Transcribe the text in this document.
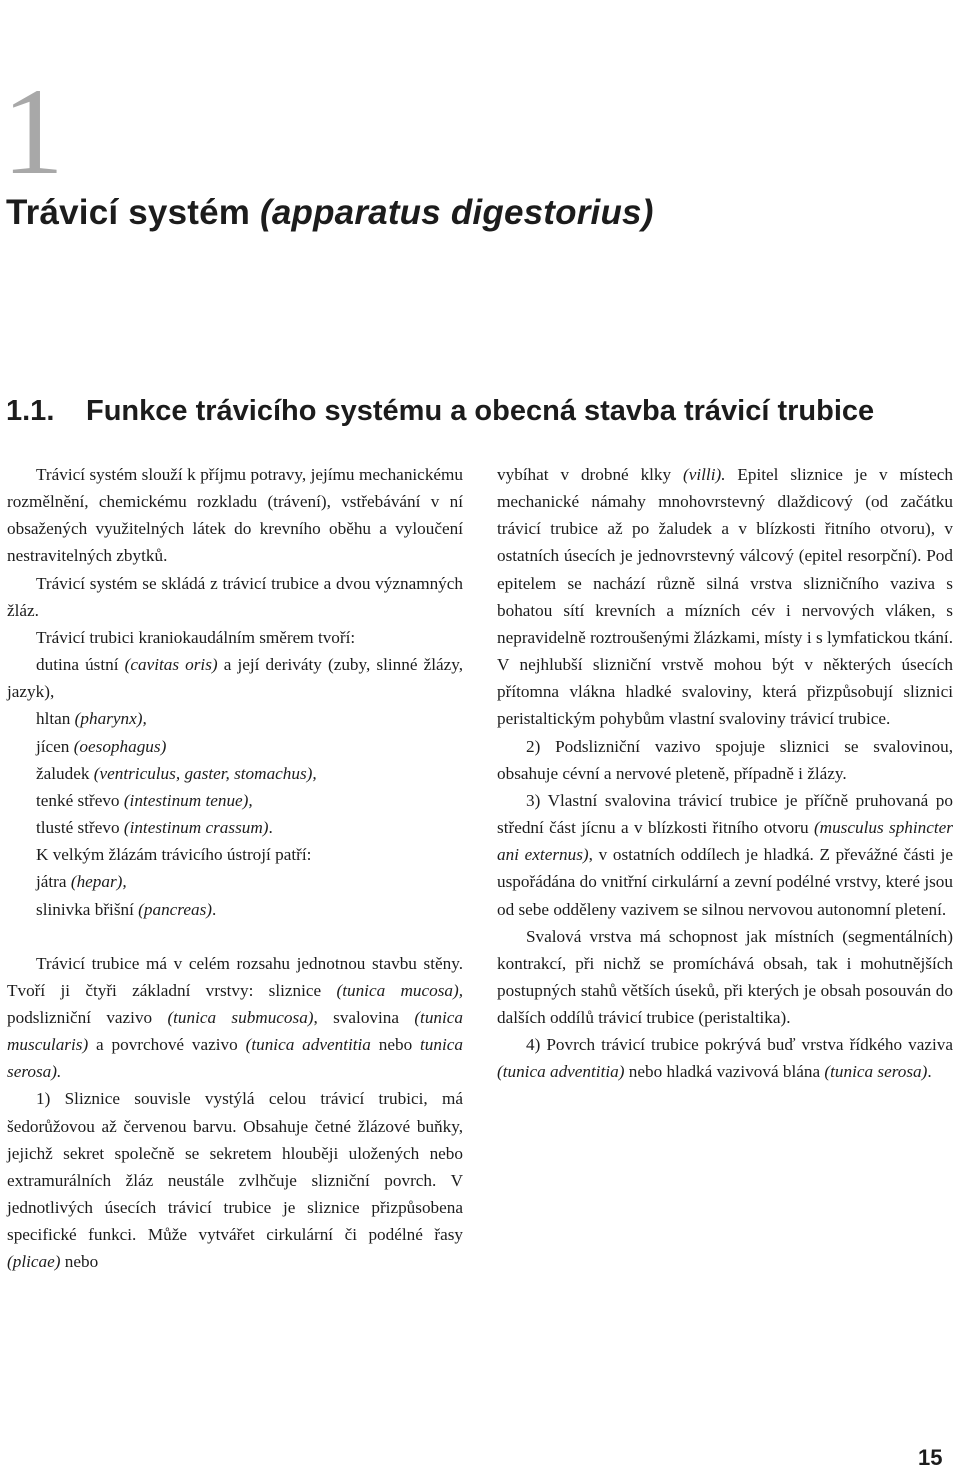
1
Trávicí systém (apparatus digestorius)
1.1. Funkce trávicího systému a obecná stavba trávicí trubice

Trávicí systém slouží k příjmu potravy, jejímu mechanickému rozmělnění, chemickému rozkladu (trávení), vstřebávání v ní obsažených využitelných látek do krevního oběhu a vyloučení nestravitelných zbytků.

Trávicí systém se skládá z trávicí trubice a dvou významných žláz.

Trávicí trubici kraniokaudálním směrem tvoří:

dutina ústní (cavitas oris) a její deriváty (zuby, slinné žlázy, jazyk),

hltan (pharynx),

jícen (oesophagus)

žaludek (ventriculus, gaster, stomachus),

tenké střevo (intestinum tenue),

tlusté střevo (intestinum crassum).

K velkým žlázám trávicího ústrojí patří:

játra (hepar),

slinivka břišní (pancreas).

Trávicí trubice má v celém rozsahu jednotnou stavbu stěny. Tvoří ji čtyři základní vrstvy: sliznice (tunica mucosa), podslizniční vazivo (tunica submucosa), svalovina (tunica muscularis) a povrchové vazivo (tunica adventitia nebo tunica serosa).

1) Sliznice souvisle vystýlá celou trávicí trubici, má šedorůžovou až červenou barvu. Obsahuje četné žlázové buňky, jejichž sekret společně se sekretem hlouběji uložených nebo extramurálních žláz neustále zvlhčuje slizniční povrch. V jednotlivých úsecích trávicí trubice je sliznice přizpůsobena specifické funkci. Může vytvářet cirkulární či podélné řasy (plicae) nebo

vybíhat v drobné klky (villi). Epitel sliznice je v místech mechanické námahy mnohovrstevný dlaždicový (od začátku trávicí trubice až po žaludek a v blízkosti řitního otvoru), v ostatních úsecích je jednovrstevný válcový (epitel resorpční). Pod epitelem se nachází různě silná vrstva slizničního vaziva s bohatou sítí krevních a mízních cév i nervových vláken, s nepravidelně roztroušenými žlázkami, místy i s lymfatickou tkání. V nejhlubší slizniční vrstvě mohou být v některých úsecích přítomna vlákna hladké svaloviny, která přizpůsobují sliznici peristaltickým pohybům vlastní svaloviny trávicí trubice.

2) Podslizniční vazivo spojuje sliznici se svalovinou, obsahuje cévní a nervové pleteně, případně i žlázy.

3) Vlastní svalovina trávicí trubice je příčně pruhovaná po střední část jícnu a v blízkosti řitního otvoru (musculus sphincter ani externus), v ostatních oddílech je hladká. Z převážné části je uspořádána do vnitřní cirkulární a zevní podélné vrstvy, které jsou od sebe odděleny vazivem se silnou nervovou autonomní pletení.

Svalová vrstva má schopnost jak místních (segmentálních) kontrakcí, při nichž se promíchává obsah, tak i mohutnějších postupných stahů větších úseků, při kterých je obsah posouván do dalších oddílů trávicí trubice (peristaltika).

4) Povrch trávicí trubice pokrývá buď vrstva řídkého vaziva (tunica adventitia) nebo hladká vazivová blána (tunica serosa).

15
